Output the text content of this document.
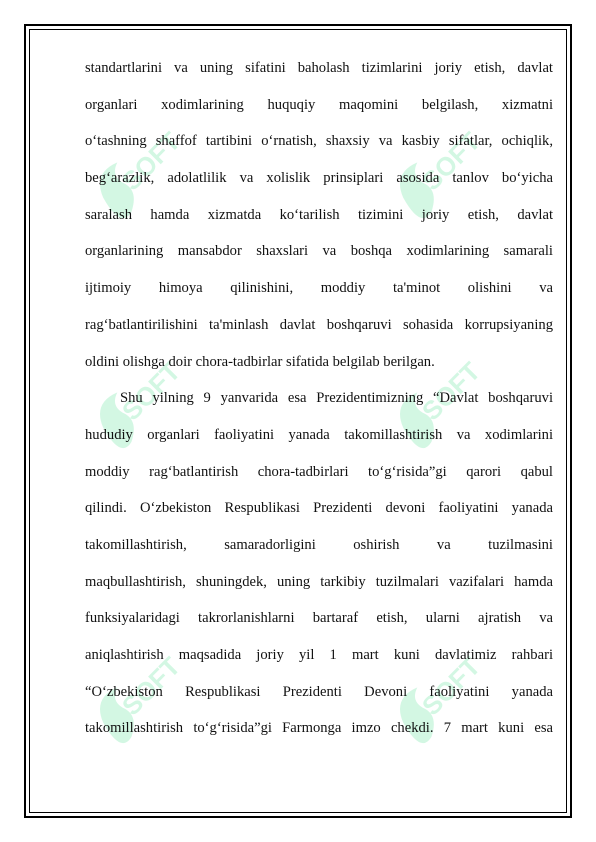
SOFT	SOFT
SOFT	SOFT
SOFT	SOFT
standartlarini va uning sifatini baholash tizimlarini joriy etish, davlat
organlari xodimlarining huquqiy maqomini belgilash, xizmatni
o‘tashning shaffof tartibini o‘rnatish, shaxsiy va kasbiy sifatlar, ochiqlik,
beg‘arazlik, adolatlilik va xolislik prinsiplari asosida tanlov bo‘yicha
saralash hamda xizmatda ko‘tarilish tizimini joriy etish, davlat
organlarining mansabdor shaxslari va boshqa xodimlarining samarali
ijtimoiy himoya qilinishini, moddiy ta'minot olishini va
rag‘batlantirilishini ta'minlash davlat boshqaruvi sohasida korrupsiyaning
oldini olishga doir chora-tadbirlar sifatida belgilab berilgan.
Shu yilning 9 yanvarida esa Prezidentimizning “Davlat boshqaruvi
hududiy organlari faoliyatini yanada takomillashtirish va xodimlarini
moddiy rag‘batlantirish chora-tadbirlari to‘g‘risida”gi qarori qabul
qilindi. O‘zbekiston Respublikasi Prezidenti devoni faoliyatini yanada
takomillashtirish, samaradorligini oshirish va tuzilmasini
maqbullashtirish, shuningdek, uning tarkibiy tuzilmalari vazifalari hamda
funksiyalaridagi takrorlanishlarni bartaraf etish, ularni ajratish va
aniqlashtirish maqsadida joriy yil 1 mart kuni davlatimiz rahbari
“O‘zbekiston Respublikasi Prezidenti Devoni faoliyatini yanada
takomillashtirish to‘g‘risida”gi Farmonga imzo chekdi. 7 mart kuni esa
